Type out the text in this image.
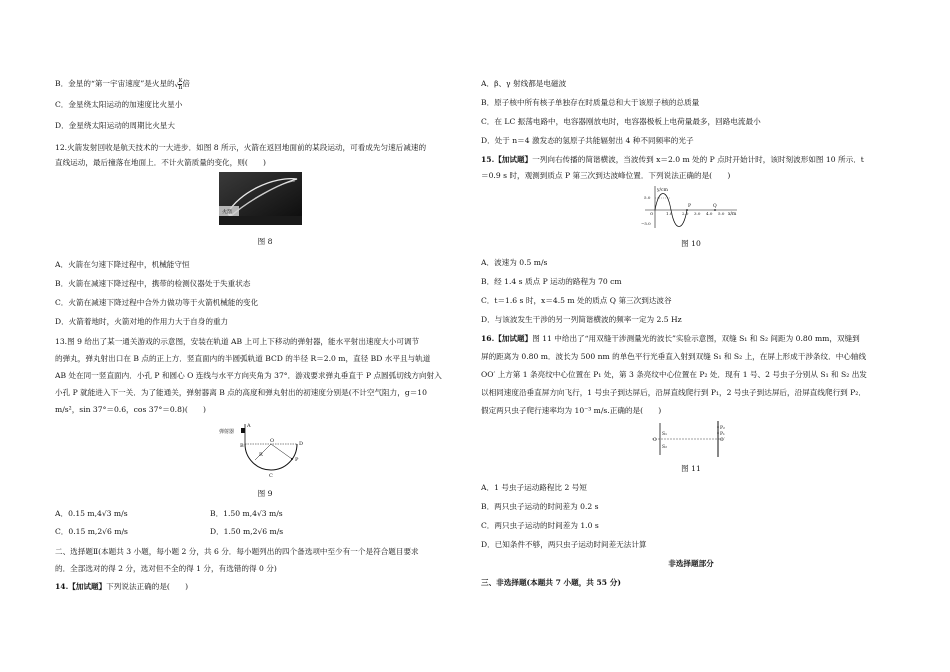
B．金星的“第一宇宙速度”是火星的√ $\frac{k}{n}$ 倍
C．金星绕太阳运动的加速度比火星小
D．金星绕太阳运动的周期比火星大
12.火箭发射回收是航天技术的一大进步．如图 8 所示，火箭在返回地面前的某段运动，可看成先匀速后减速的
直线运动，最后撞落在地面上．不计火箭质量的变化，则(　　)
火箭
图 8
A．火箭在匀速下降过程中，机械能守恒
B．火箭在减速下降过程中，携带的检测仪器处于失重状态
C．火箭在减速下降过程中合外力做功等于火箭机械能的变化
D．火箭着地时，火箭对地的作用力大于自身的重力
13.图 9 给出了某一通关游戏的示意图，安装在轨道 AB 上可上下移动的弹射器，能水平射出速度大小可调节
的弹丸，弹丸射出口在 B 点的正上方．竖直面内的半圆弧轨道 BCD 的半径 R＝2.0 m，直径 BD 水平且与轨道
AB 处在同一竖直面内．小孔 P 和圆心 O 连线与水平方向夹角为 37°．游戏要求弹丸垂直于 P 点圆弧切线方向射入
小孔 P 就能进入下一关．为了能通关，弹射器离 B 点的高度和弹丸射出的初速度分别是(不计空气阻力，g＝10
m/s²，sin 37°＝0.6，cos 37°＝0.8)(　　)
弹射器
A
B
O	D
R
P
C
图 9
A．0.15 m,4√3 m/s	B．1.50 m,4√3 m/s
C．0.15 m,2√6 m/s	D．1.50 m,2√6 m/s
二、选择题Ⅱ(本题共 3 小题，每小题 2 分，共 6 分．每小题列出的四个备选项中至少有一个是符合题目要求
的．全部选对的得 2 分，选对但不全的得 1 分，有选错的得 0 分)
14.【加试题】下列说法正确的是(　　)
A．β、γ 射线都是电磁波
B．原子核中所有核子单独存在时质量总和大于该原子核的总质量
C．在 LC 振荡电路中，电容器刚放电时，电容器极板上电荷量最多，回路电流最小
D．处于 n＝4 激发态的氢原子共能辐射出 4 种不同频率的光子
15.【加试题】一列向右传播的简谐横波，当波传到 x＝2.0 m 处的 P 点时开始计时，该时刻波形如图 10 所示．t
＝0.9 s 时，观测到质点 P 第三次到达波峰位置．下列说法正确的是(　　)
y/cm
x/m
5.0
−5.0
O	1.0 2.0 3.0 4.0 5.0
P	Q
图 10
A．波速为 0.5 m/s
B．经 1.4 s 质点 P 运动的路程为 70 cm
C．t＝1.6 s 时，x＝4.5 m 处的质点 Q 第三次到达波谷
D．与该波发生干涉的另一列简谐横波的频率一定为 2.5 Hz
16.【加试题】图 11 中给出了“用双缝干涉测量光的波长”实验示意图，双缝 S₁ 和 S₂ 间距为 0.80 mm，双缝到
屏的距离为 0.80 m．波长为 500 nm 的单色平行光垂直入射到双缝 S₁ 和 S₂ 上，在屏上形成干涉条纹．中心轴线
OO′ 上方第 1 条亮纹中心位置在 P₁ 处，第 3 条亮纹中心位置在 P₂ 处．现有 1 号、2 号虫子分别从 S₁ 和 S₂ 出发
以相同速度沿垂直屏方向飞行，1 号虫子到达屏后，沿屏直线爬行到 P₁，2 号虫子到达屏后，沿屏直线爬行到 P₂．
假定两只虫子爬行速率均为 10⁻³ m/s.正确的是(　　)
S₁
S₂
O	O′
P₂
P₁
图 11
A．1 号虫子运动路程比 2 号短
B．两只虫子运动的时间差为 0.2 s
C．两只虫子运动的时间差为 1.0 s
D．已知条件不够，两只虫子运动时间差无法计算
非选择题部分
三、非选择题(本题共 7 小题，共 55 分)
